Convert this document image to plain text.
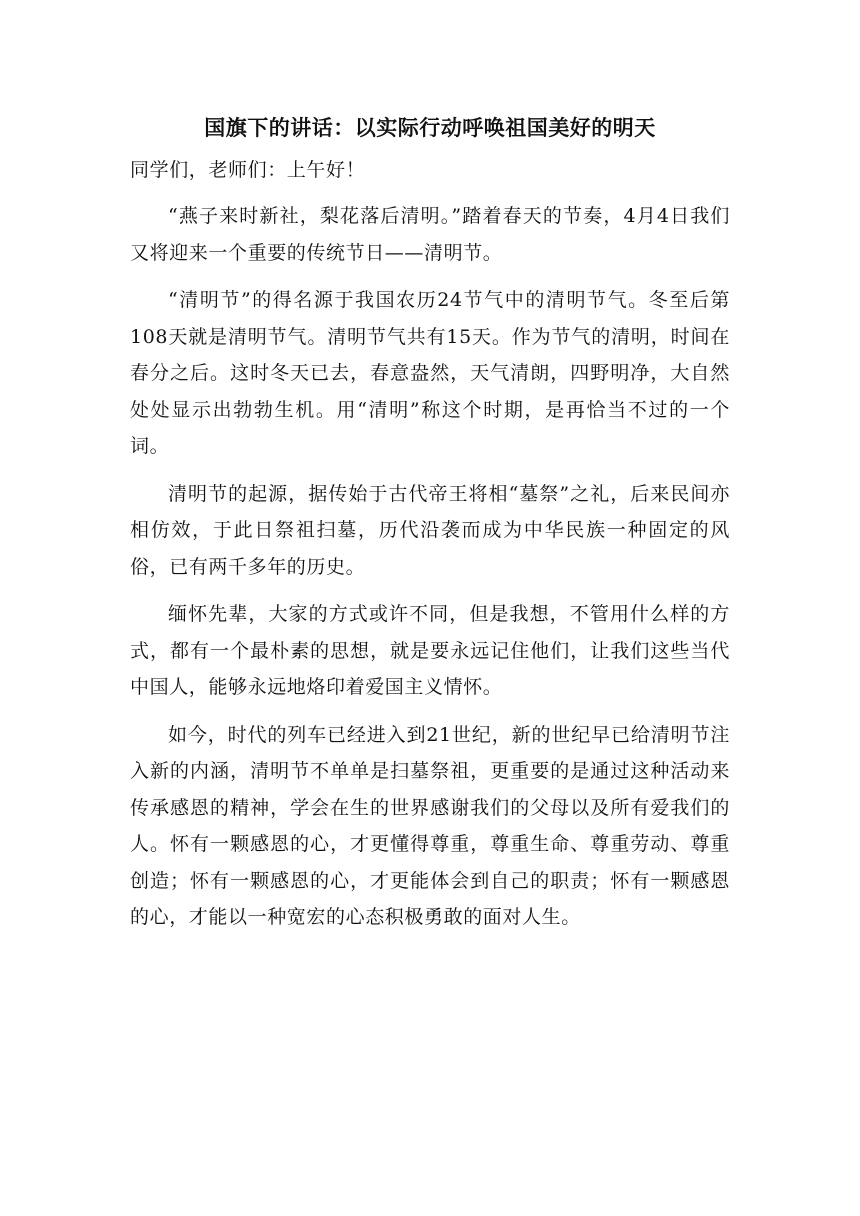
国旗下的讲话：以实际行动呼唤祖国美好的明天

同学们，老师们：上午好！

“燕子来时新社，梨花落后清明。”踏着春天的节奏，4月4日我们又将迎来一个重要的传统节日——清明节。

“清明节”的得名源于我国农历24节气中的清明节气。冬至后第108天就是清明节气。清明节气共有15天。作为节气的清明，时间在春分之后。这时冬天已去，春意盎然，天气清朗，四野明净，大自然处处显示出勃勃生机。用“清明”称这个时期，是再恰当不过的一个词。

清明节的起源，据传始于古代帝王将相“墓祭”之礼，后来民间亦相仿效，于此日祭祖扫墓，历代沿袭而成为中华民族一种固定的风俗，已有两千多年的历史。

缅怀先辈，大家的方式或许不同，但是我想，不管用什么样的方式，都有一个最朴素的思想，就是要永远记住他们，让我们这些当代中国人，能够永远地烙印着爱国主义情怀。

如今，时代的列车已经进入到21世纪，新的世纪早已给清明节注入新的内涵，清明节不单单是扫墓祭祖，更重要的是通过这种活动来传承感恩的精神，学会在生的世界感谢我们的父母以及所有爱我们的人。怀有一颗感恩的心，才更懂得尊重，尊重生命、尊重劳动、尊重创造；怀有一颗感恩的心，才更能体会到自己的职责；怀有一颗感恩的心，才能以一种宽宏的心态积极勇敢的面对人生。
